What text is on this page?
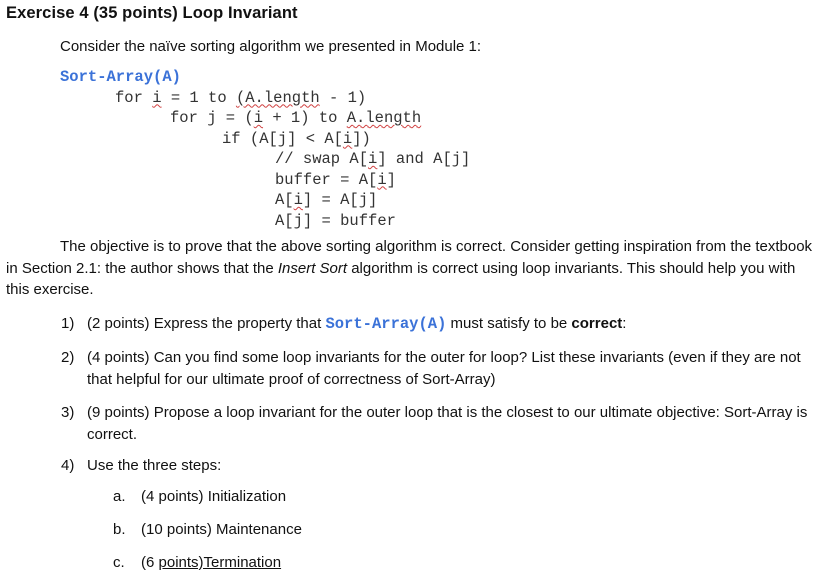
Exercise 4 (35 points) Loop Invariant
Consider the naïve sorting algorithm we presented in Module 1:
Sort-Array(A)
for i = 1 to (A.length - 1)
for j = (i + 1) to A.length
if (A[j] < A[i])
// swap A[i] and A[j]
buffer = A[i]
A[i] = A[j]
A[j] = buffer
The objective is to prove that the above sorting algorithm is correct. Consider getting inspiration from the textbook in Section 2.1: the author shows that the Insert Sort algorithm is correct using loop invariants. This should help you with this exercise.
1) (2 points) Express the property that Sort-Array(A) must satisfy to be correct:
2) (4 points) Can you find some loop invariants for the outer for loop? List these invariants (even if they are not that helpful for our ultimate proof of correctness of Sort-Array)
3) (9 points) Propose a loop invariant for the outer loop that is the closest to our ultimate objective: Sort-Array is correct.
4) Use the three steps:
a. (4 points) Initialization
b. (10 points) Maintenance
c. (6 points)Termination
